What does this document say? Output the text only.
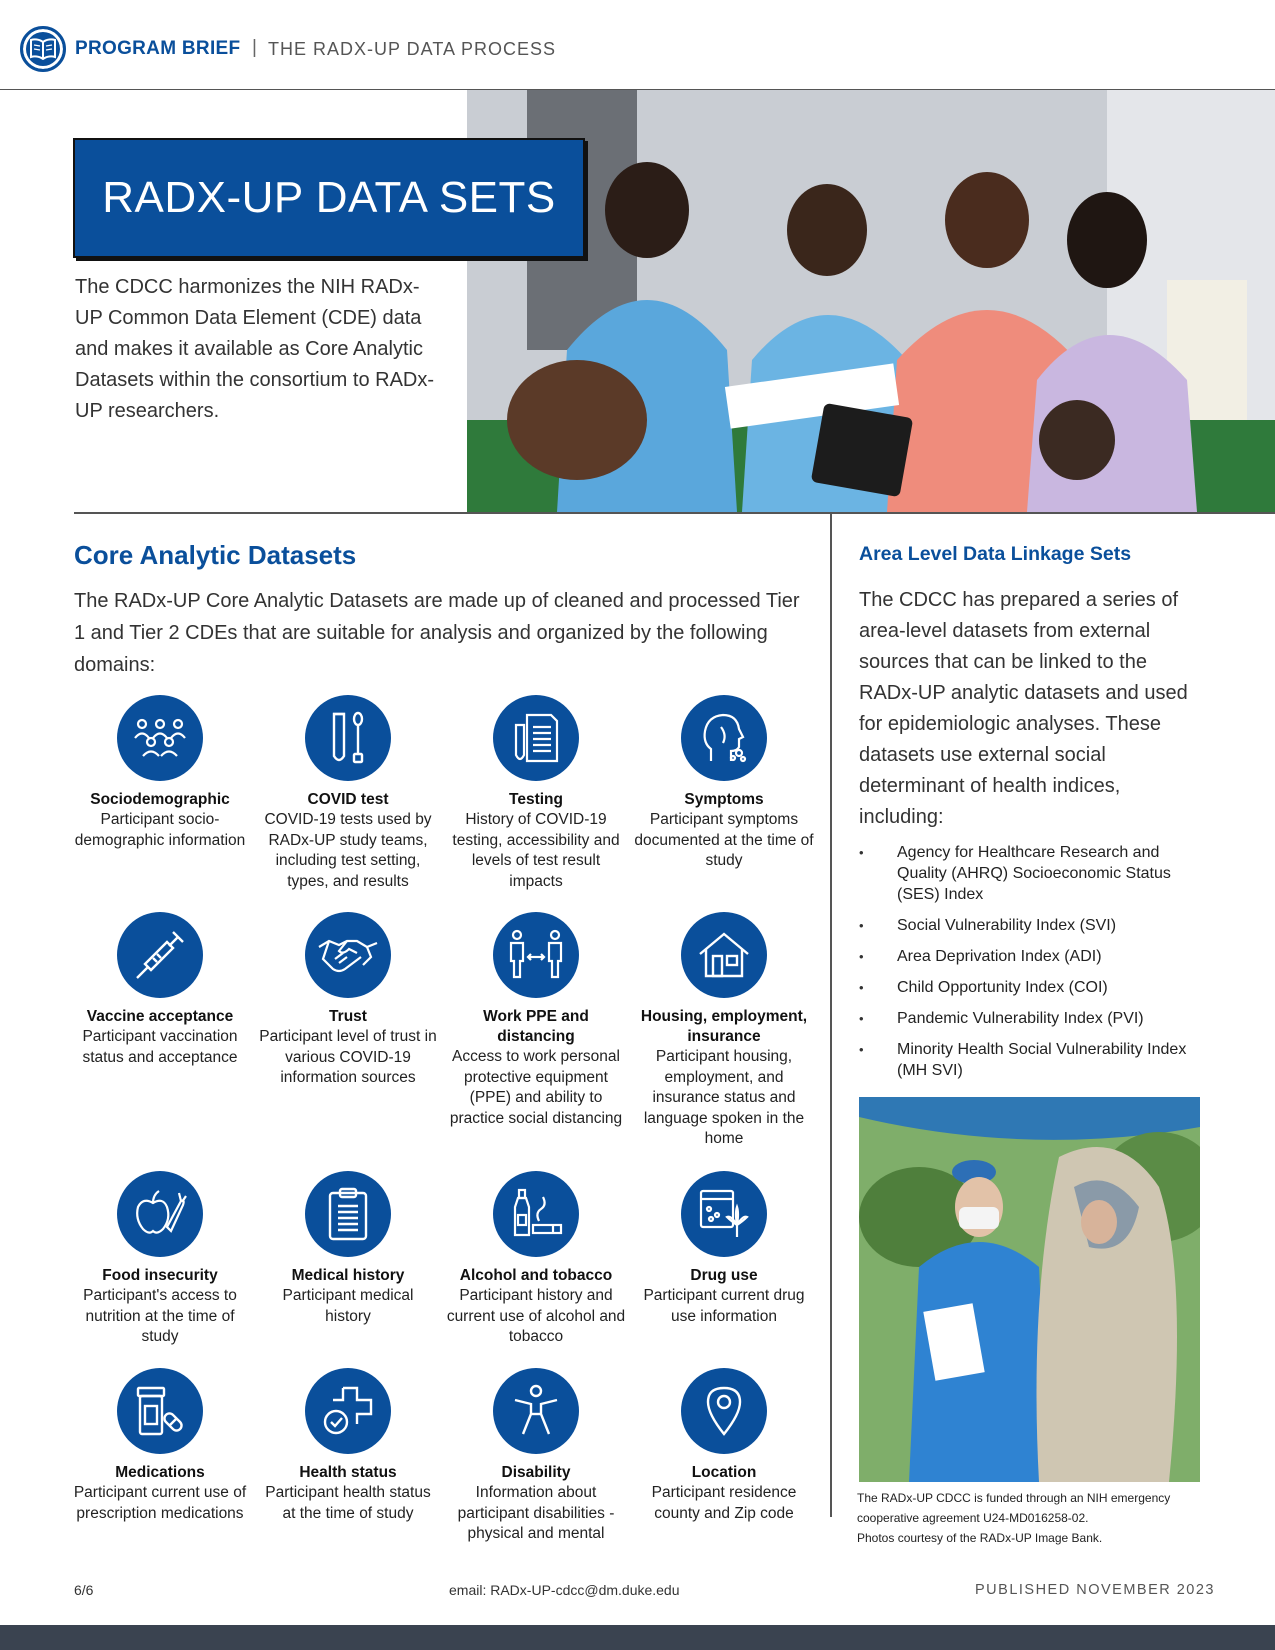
PROGRAM BRIEF | THE RADX-UP DATA PROCESS
RADX-UP DATA SETS

The CDCC harmonizes the NIH RADx-UP Common Data Element (CDE) data and makes it available as Core Analytic Datasets within the consortium to RADx-UP researchers.

Core Analytic Datasets

The RADx-UP Core Analytic Datasets are made up of cleaned and processed Tier 1 and Tier 2 CDEs that are suitable for analysis and organized by the following domains:

Sociodemographic
Participant socio-demographic information
COVID test
COVID-19 tests used by RADx-UP study teams, including test setting, types, and results
Testing
History of COVID-19 testing, accessibility and levels of test result impacts
Symptoms
Participant symptoms documented at the time of study
Vaccine acceptance
Participant vaccination status and acceptance
Trust
Participant level of trust in various COVID-19 information sources
Work PPE and distancing
Access to work personal protective equipment (PPE) and ability to practice social distancing
Housing, employment, insurance
Participant housing, employment, and insurance status and language spoken in the home
Food insecurity
Participant's access to nutrition at the time of study
Medical history
Participant medical history
Alcohol and tobacco
Participant history and current use of alcohol and tobacco
Drug use
Participant current drug use information
Medications
Participant current use of prescription medications
Health status
Participant health status at the time of study
Disability
Information about participant disabilities - physical and mental
Location
Participant residence county and Zip code
Area Level Data Linkage Sets

The CDCC has prepared a series of area-level datasets from external sources that can be linked to the RADx-UP analytic datasets and used for epidemiologic analyses. These datasets use external social determinant of health indices, including:

• Agency for Healthcare Research and Quality (AHRQ) Socioeconomic Status (SES) Index
• Social Vulnerability Index (SVI)
• Area Deprivation Index (ADI)
• Child Opportunity Index (COI)
• Pandemic Vulnerability Index (PVI)
• Minority Health Social Vulnerability Index (MH SVI)
The RADx-UP CDCC is funded through an NIH emergency cooperative agreement U24-MD016258-02.
Photos courtesy of the RADx-UP Image Bank.
6/6	email: RADx-UP-cdcc@dm.duke.edu	PUBLISHED NOVEMBER 2023
